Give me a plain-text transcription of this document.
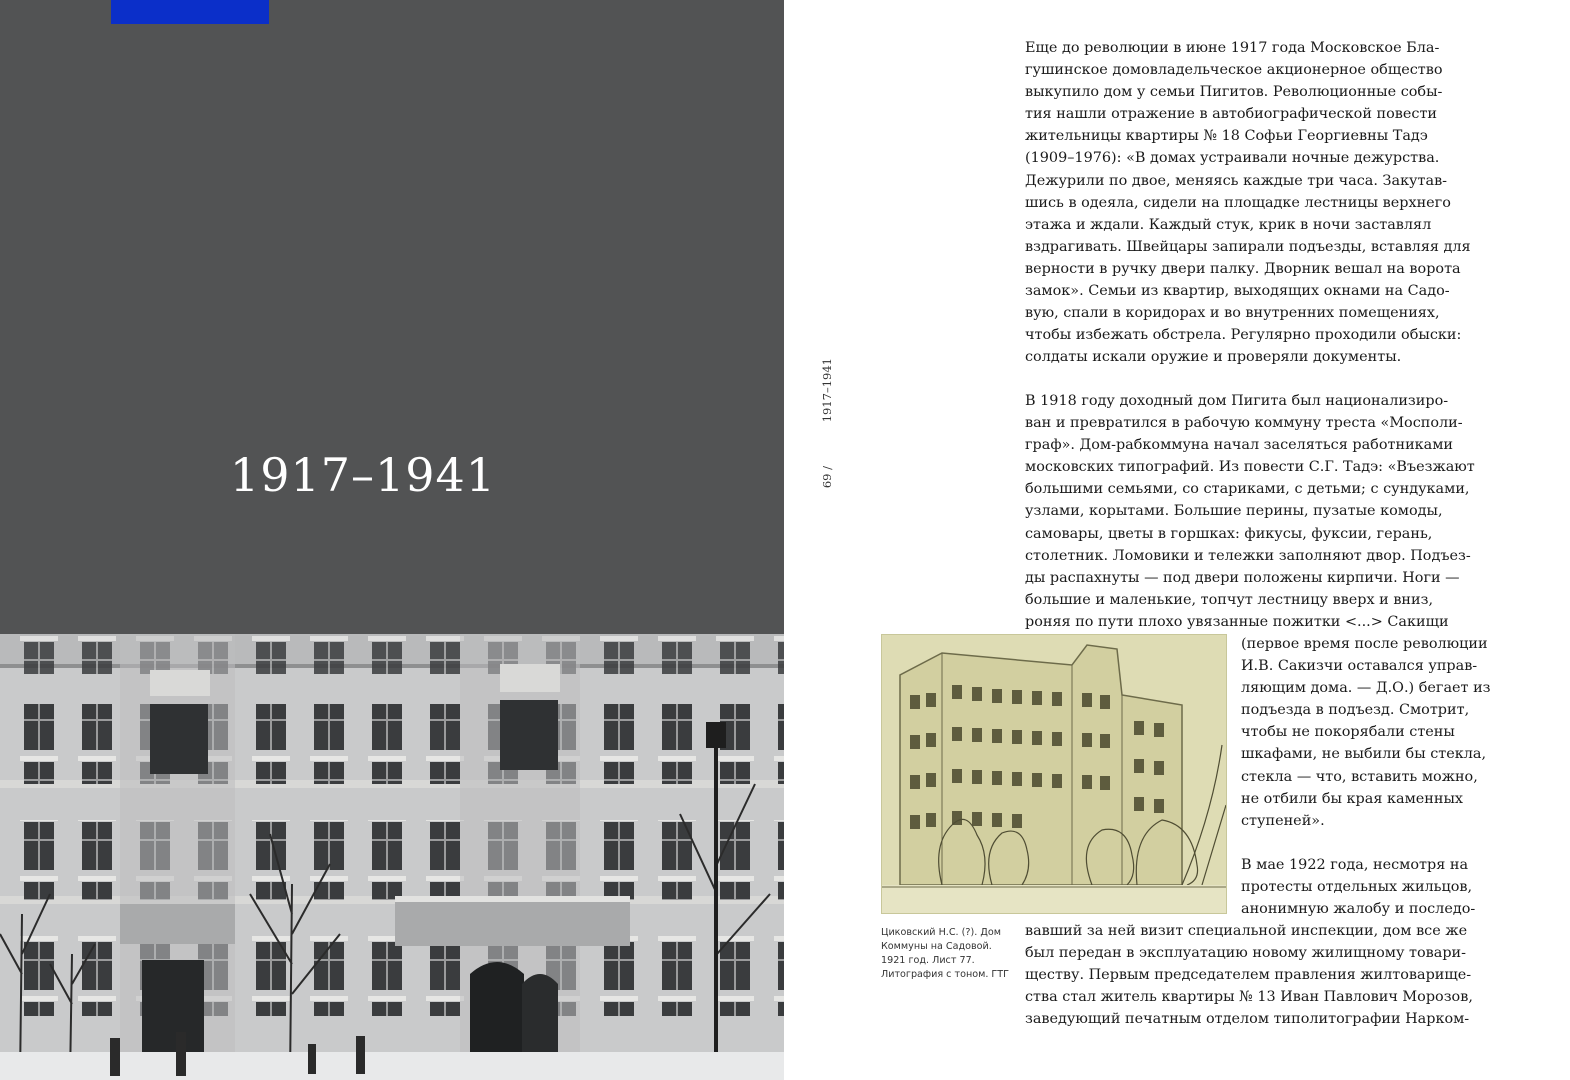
1917–1941
1917–1941
69 /
Еще до революции в июне 1917 года Московское Бла-
гушинское домовладельческое акционерное общество
выкупило дом у семьи Пигитов. Революционные собы-
тия нашли отражение в автобиографической повести
жительницы квартиры № 18 Софьи Георгиевны Тадэ
(1909–1976): «В домах устраивали ночные дежурства.
Дежурили по двое, меняясь каждые три часа. Закутав-
шись в одеяла, сидели на площадке лестницы верхнего
этажа и ждали. Каждый стук, крик в ночи заставлял
вздрагивать. Швейцары запирали подъезды, вставляя для
верности в ручку двери палку. Дворник вешал на ворота
замок». Семьи из квартир, выходящих окнами на Садо-
вую, спали в коридорах и во внутренних помещениях,
чтобы избежать обстрела. Регулярно проходили обыски:
солдаты искали оружие и проверяли документы.
В 1918 году доходный дом Пигита был национализиро-
ван и превратился в рабочую коммуну треста «Мосполи-
граф». Дом-рабкоммуна начал заселяться работниками
московских типографий. Из повести С.Г. Тадэ: «Въезжают
большими семьями, со стариками, с детьми; с сундуками,
узлами, корытами. Большие перины, пузатые комоды,
самовары, цветы в горшках: фикусы, фуксии, герань,
столетник. Ломовики и тележки заполняют двор. Подъез-
ды распахнуты — под двери положены кирпичи. Ноги —
большие и маленькие, топчут лестницу вверх и вниз,
роняя по пути плохо увязанные пожитки <...> Сакищи
(первое время после революции
И.В. Сакизчи оставался управ-
ляющим дома. — Д.О.) бегает из
подъезда в подъезд. Смотрит,
чтобы не покорябали стены
шкафами, не выбили бы стекла,
стекла — что, вставить можно,
не отбили бы края каменных
ступеней».
В мае 1922 года, несмотря на
протесты отдельных жильцов,
анонимную жалобу и последо-
Циковский Н.С. (?). Дом
Коммуны на Садовой.
1921 год. Лист 77.
Литография с тоном. ГТГ
вавший за ней визит специальной инспекции, дом все же
был передан в эксплуатацию новому жилищному товари-
ществу. Первым председателем правления жилтоварище-
ства стал житель квартиры № 13 Иван Павлович Морозов,
заведующий печатным отделом типолитографии Нарком-
